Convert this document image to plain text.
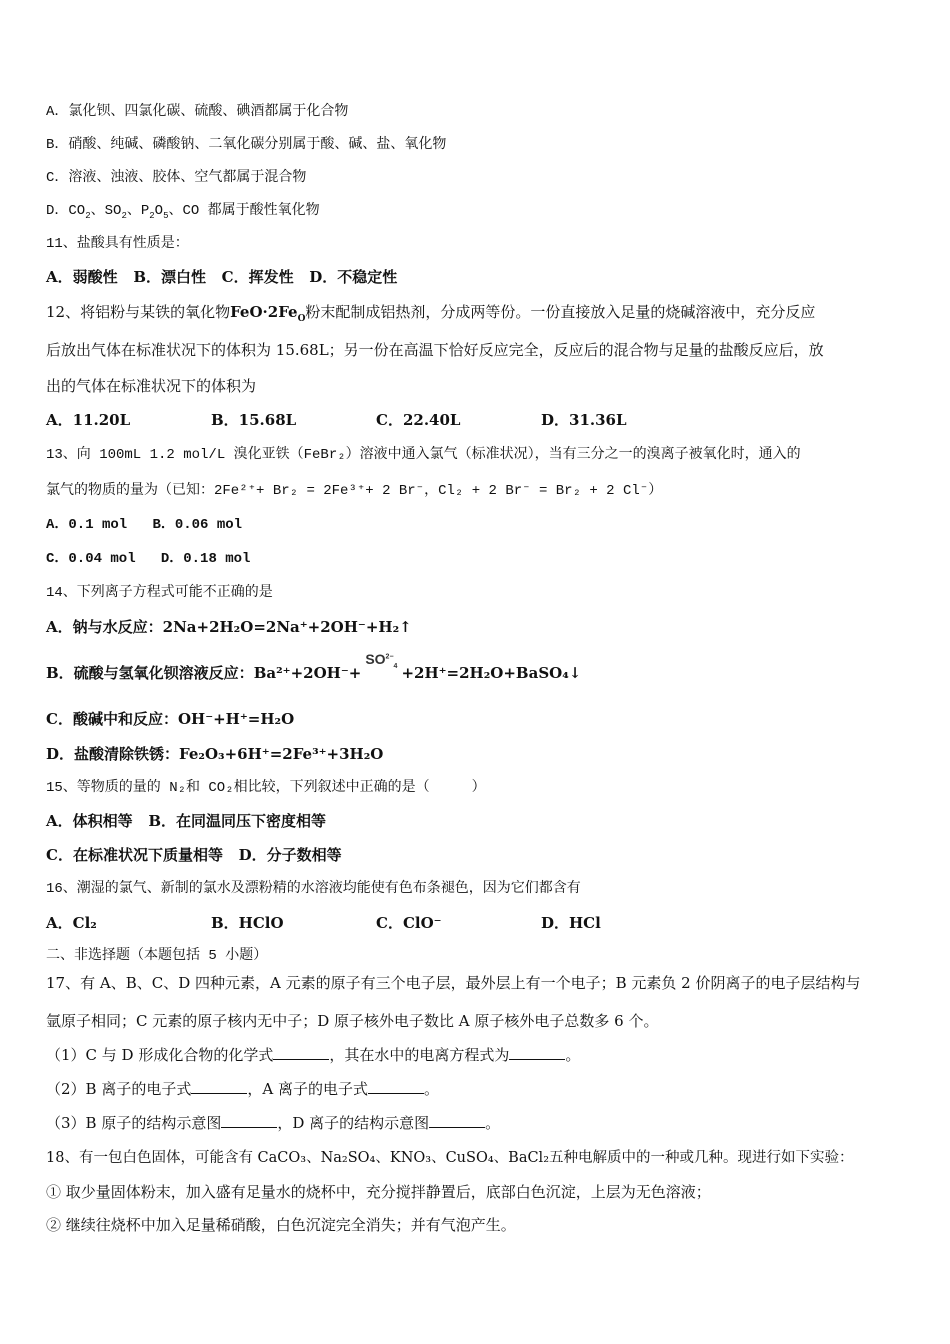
A．氯化钡、四氯化碳、硫酸、碘酒都属于化合物
B．硝酸、纯碱、磷酸钠、二氧化碳分别属于酸、碱、盐、氧化物
C．溶液、浊液、胶体、空气都属于混合物
D．$CO_2$、$SO_2$、$P_2O_5$、CO 都属于酸性氧化物
11、盐酸具有性质是：
A．弱酸性 B．漂白性 C．挥发性 D．不稳定性
12、将铝粉与某铁的氧化物$FeO\cdot 2Fe_O$粉末配制成铝热剂，分成两等份。一份直接放入足量的烧碱溶液中，充分反应
后放出气体在标准状况下的体积为 15.68L；另一份在高温下恰好反应完全，反应后的混合物与足量的盐酸反应后，放
出的气体在标准状况下的体积为
A．11.20L	B．15.68L	C．22.40L	D．31.36L
13、向 100mL 1.2 mol/L 溴化亚铁（FeBr₂）溶液中通入氯气（标准状况），当有三分之一的溴离子被氧化时，通入的
氯气的物质的量为（已知：2Fe²⁺+ Br₂ = 2Fe³⁺+ 2 Br⁻，Cl₂ + 2 Br⁻ = Br₂ + 2 Cl⁻）
A．0.1 mol B．0.06 mol
C．0.04 mol D．0.18 mol
14、下列离子方程式可能不正确的是
A．钠与水反应：2Na+2H₂O=2Na⁺+2OH⁻+H₂↑
B．硫酸与氢氧化钡溶液反应：$Ba^{2+}+2OH^-+SO^{2-}_4$ +2H⁺=2H₂O+BaSO₄↓
C．酸碱中和反应：OH⁻+H⁺=H₂O
D．盐酸清除铁锈：Fe₂O₃+6H⁺=2Fe³⁺+3H₂O
15、等物质的量的 N₂和 CO₂相比较，下列叙述中正确的是（　　　）
A．体积相等 B．在同温同压下密度相等
C．在标准状况下质量相等 D．分子数相等
16、潮湿的氯气、新制的氯水及漂粉精的水溶液均能使有色布条褪色，因为它们都含有
A．Cl₂	B．HClO	C．ClO⁻	D．HCl
二、非选择题（本题包括 5 小题）
17、有 A、B、C、D 四种元素，A 元素的原子有三个电子层，最外层上有一个电子；B 元素负 2 价阴离子的电子层结构与
氩原子相同；C 元素的原子核内无中子；D 原子核外电子数比 A 原子核外电子总数多 6 个。
（1）C 与 D 形成化合物的化学式	，其在水中的电离方程式为	。
（2）B 离子的电子式	，A 离子的电子式	。
（3）B 原子的结构示意图	，D 离子的结构示意图	。
18、有一包白色固体，可能含有 CaCO₃、Na₂SO₄、KNO₃、CuSO₄、BaCl₂五种电解质中的一种或几种。现进行如下实验：
① 取少量固体粉末，加入盛有足量水的烧杯中，充分搅拌静置后，底部白色沉淀，上层为无色溶液；
② 继续往烧杯中加入足量稀硝酸，白色沉淀完全消失；并有气泡产生。
